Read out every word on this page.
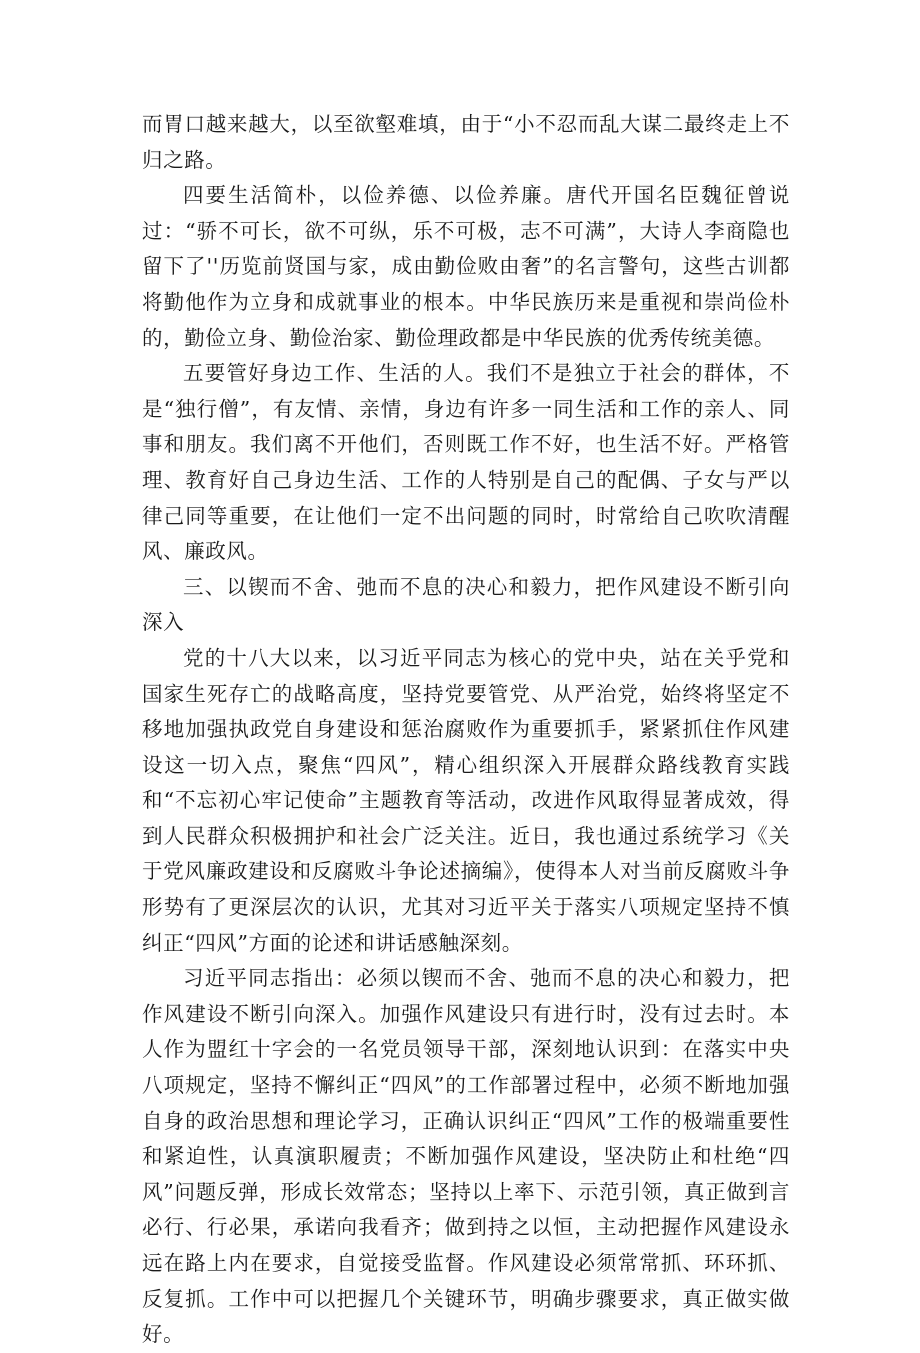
而胃口越来越大，以至欲壑难填，由于“小不忍而乱大谋二最终走上不归之路。

四要生活简朴，以俭养德、以俭养廉。唐代开国名臣魏征曾说过：“骄不可长，欲不可纵，乐不可极，志不可满”，大诗人李商隐也留下了''历览前贤国与家，成由勤俭败由奢”的名言警句，这些古训都将勤他作为立身和成就事业的根本。中华民族历来是重视和崇尚俭朴的，勤俭立身、勤俭治家、勤俭理政都是中华民族的优秀传统美德。

五要管好身边工作、生活的人。我们不是独立于社会的群体，不是“独行僧”，有友情、亲情，身边有许多一同生活和工作的亲人、同事和朋友。我们离不开他们，否则既工作不好，也生活不好。严格管理、教育好自己身边生活、工作的人特别是自己的配偶、子女与严以律己同等重要，在让他们一定不出问题的同时，时常给自己吹吹清醒风、廉政风。

三、以锲而不舍、弛而不息的决心和毅力，把作风建设不断引向深入

党的十八大以来，以习近平同志为核心的党中央，站在关乎党和国家生死存亡的战略高度，坚持党要管党、从严治党，始终将坚定不移地加强执政党自身建设和惩治腐败作为重要抓手，紧紧抓住作风建设这一切入点，聚焦“四风”，精心组织深入开展群众路线教育实践和“不忘初心牢记使命”主题教育等活动，改进作风取得显著成效，得到人民群众积极拥护和社会广泛关注。近日，我也通过系统学习《关于党风廉政建设和反腐败斗争论述摘编》，使得本人对当前反腐败斗争形势有了更深层次的认识，尤其对习近平关于落实八项规定坚持不慎纠正“四风”方面的论述和讲话感触深刻。

习近平同志指出：必须以锲而不舍、弛而不息的决心和毅力，把作风建设不断引向深入。加强作风建设只有进行时，没有过去时。本人作为盟红十字会的一名党员领导干部，深刻地认识到：在落实中央八项规定，坚持不懈纠正“四风”的工作部署过程中，必须不断地加强自身的政治思想和理论学习，正确认识纠正“四风”工作的极端重要性和紧迫性，认真演职履责；不断加强作风建设，坚决防止和杜绝“四风”问题反弹，形成长效常态；坚持以上率下、示范引领，真正做到言必行、行必果，承诺向我看齐；做到持之以恒，主动把握作风建设永远在路上内在要求，自觉接受监督。作风建设必须常常抓、环环抓、反复抓。工作中可以把握几个关键环节，明确步骤要求，真正做实做好。
